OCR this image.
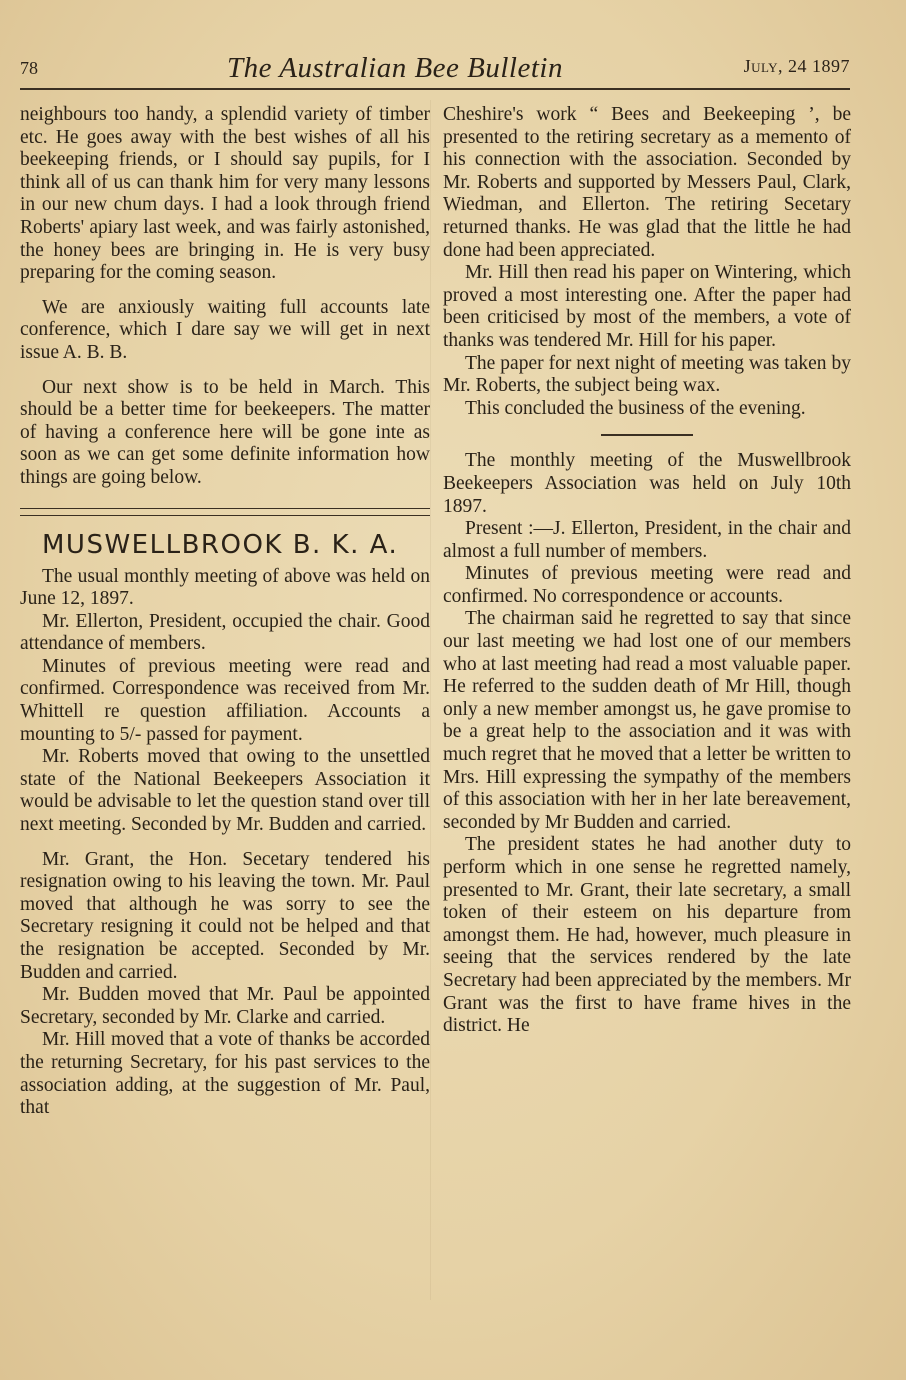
78	The Australian Bee Bulletin	July, 24 1897

neighbours too handy, a splendid variety of timber etc. He goes away with the best wishes of all his beekeeping friends, or I should say pupils, for I think all of us can thank him for very many lessons in our new chum days. I had a look through friend Roberts' apiary last week, and was fairly astonished, the honey bees are bringing in. He is very busy preparing for the coming season.

We are anxiously waiting full accounts late conference, which I dare say we will get in next issue A. B. B.

Our next show is to be held in March. This should be a better time for beekeepers. The matter of having a conference here will be gone inte as soon as we can get some definite information how things are going below.

MUSWELLBROOK B. K. A.

The usual monthly meeting of above was held on June 12, 1897.

Mr. Ellerton, President, occupied the chair. Good attendance of members.

Minutes of previous meeting were read and confirmed. Correspondence was received from Mr. Whittell re question affiliation. Accounts a mounting to 5/- passed for payment.

Mr. Roberts moved that owing to the unsettled state of the National Beekeepers Association it would be advisable to let the question stand over till next meeting. Seconded by Mr. Budden and carried.

Mr. Grant, the Hon. Secetary tendered his resignation owing to his leaving the town. Mr. Paul moved that although he was sorry to see the Secretary resigning it could not be helped and that the resignation be accepted. Seconded by Mr. Budden and carried.

Mr. Budden moved that Mr. Paul be appointed Secretary, seconded by Mr. Clarke and carried.

Mr. Hill moved that a vote of thanks be accorded the returning Secretary, for his past services to the association adding, at the suggestion of Mr. Paul, that

Cheshire's work “ Bees and Beekeeping ’, be presented to the retiring secretary as a memento of his connection with the association. Seconded by Mr. Roberts and supported by Messers Paul, Clark, Wiedman, and Ellerton. The retiring Secetary returned thanks. He was glad that the little he had done had been appreciated.

Mr. Hill then read his paper on Wintering, which proved a most interesting one. After the paper had been criticised by most of the members, a vote of thanks was tendered Mr. Hill for his paper.

The paper for next night of meeting was taken by Mr. Roberts, the subject being wax.

This concluded the business of the evening.

The monthly meeting of the Muswellbrook Beekeepers Association was held on July 10th 1897.

Present :—J. Ellerton, President, in the chair and almost a full number of members.

Minutes of previous meeting were read and confirmed. No correspondence or accounts.

The chairman said he regretted to say that since our last meeting we had lost one of our members who at last meeting had read a most valuable paper. He referred to the sudden death of Mr Hill, though only a new member amongst us, he gave promise to be a great help to the association and it was with much regret that he moved that a letter be written to Mrs. Hill expressing the sympathy of the members of this association with her in her late bereavement, seconded by Mr Budden and carried.

The president states he had another duty to perform which in one sense he regretted namely, presented to Mr. Grant, their late secretary, a small token of their esteem on his departure from amongst them. He had, however, much pleasure in seeing that the services rendered by the late Secretary had been appreciated by the members. Mr Grant was the first to have frame hives in the district. He
